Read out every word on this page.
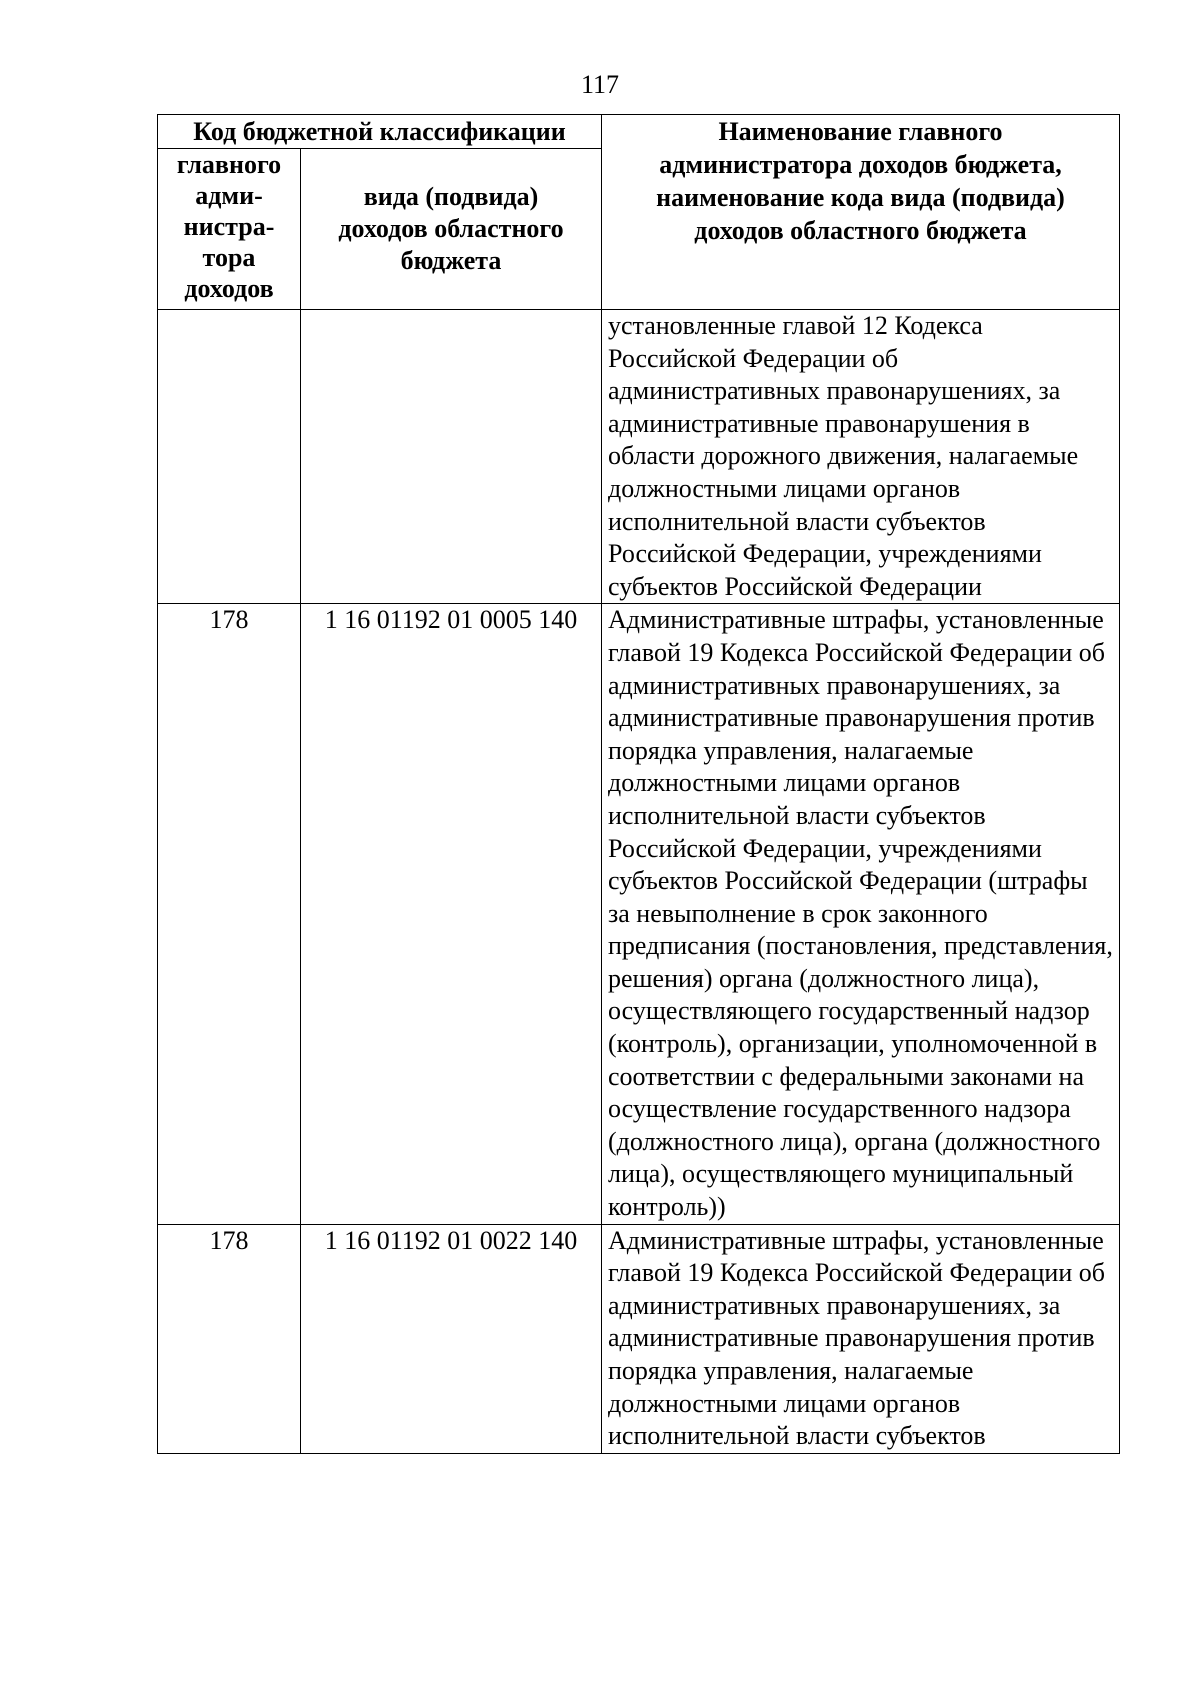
117
Код бюджетной классификации		Наименование главного
администратора доходов бюджета,
наименование кода вида (подвида)
доходов областного бюджета
главного
адми-
нистра-
тора
доходов	вида (подвида)
доходов областного
бюджета	
		установленные главой 12 Кодекса Российской Федерации об административных правонарушениях, за административные правонарушения в области дорожного движения, налагаемые должностными лицами органов исполнительной власти субъектов Российской Федерации, учреждениями субъектов Российской Федерации
178	1 16 01192 01 0005 140	Административные штрафы, установленные главой 19 Кодекса Российской Федерации об административных правонарушениях, за административные правонарушения против порядка управления, налагаемые должностными лицами органов исполнительной власти субъектов Российской Федерации, учреждениями субъектов Российской Федерации (штрафы за невыполнение в срок законного предписания (постановления, представления, решения) органа (должностного лица), осуществляющего государственный надзор (контроль), организации, уполномоченной в соответствии с федеральными законами на осуществление государственного надзора (должностного лица), органа (должностного лица), осуществляющего муниципальный контроль))
178	1 16 01192 01 0022 140	Административные штрафы, установленные главой 19 Кодекса Российской Федерации об административных правонарушениях, за административные правонарушения против порядка управления, налагаемые должностными лицами органов исполнительной власти субъектов
